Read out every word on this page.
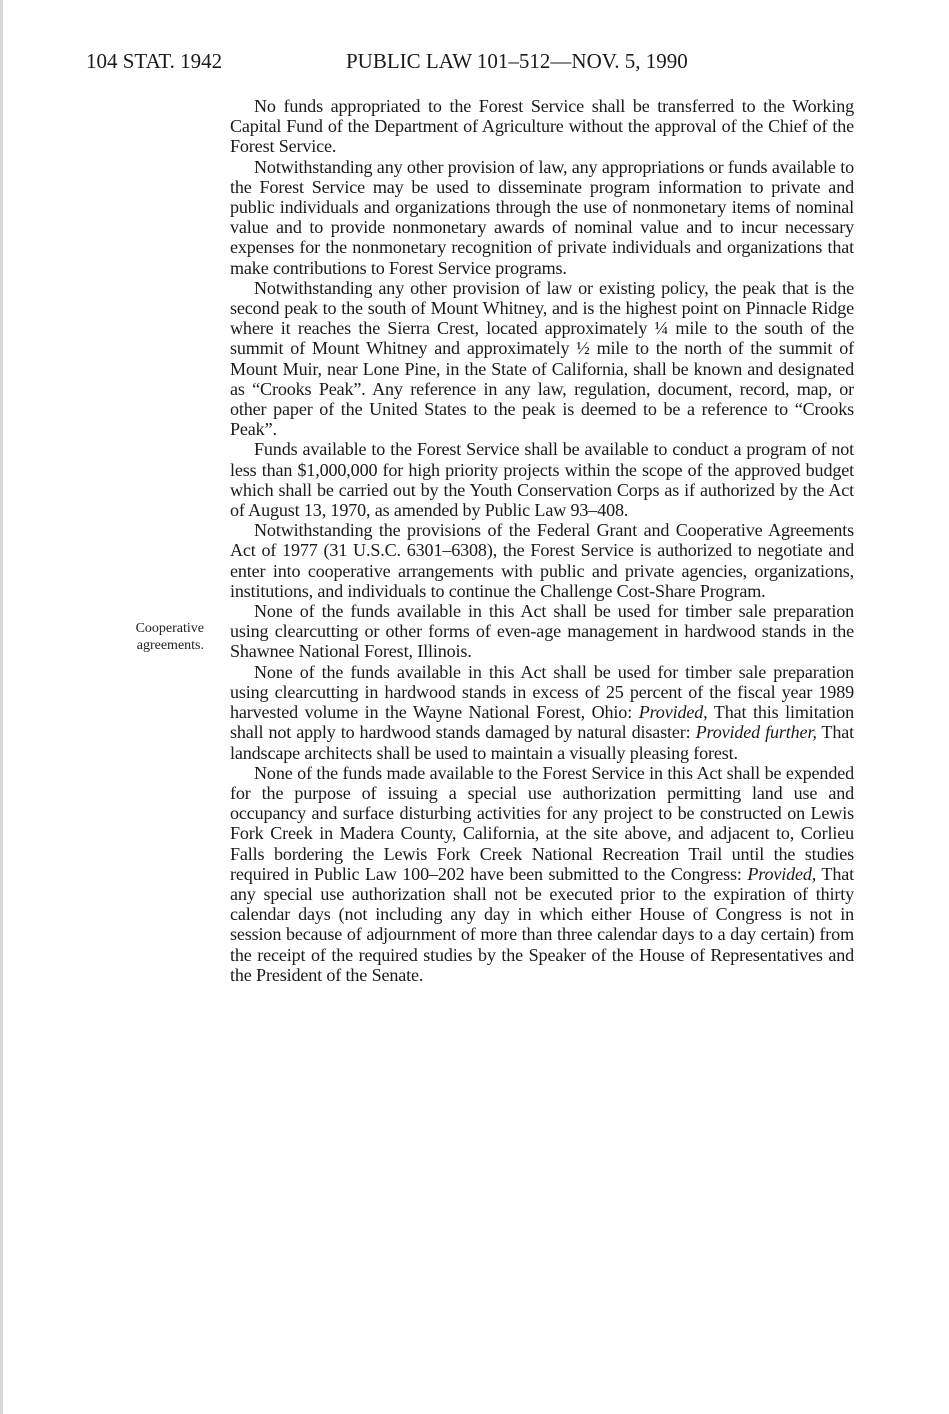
104 STAT. 1942	PUBLIC LAW 101–512—NOV. 5, 1990
Cooperative
agreements.

No funds appropriated to the Forest Service shall be transferred to the Working Capital Fund of the Department of Agriculture without the approval of the Chief of the Forest Service.

Notwithstanding any other provision of law, any appropriations or funds available to the Forest Service may be used to disseminate program information to private and public individuals and organizations through the use of nonmonetary items of nominal value and to provide nonmonetary awards of nominal value and to incur necessary expenses for the nonmonetary recognition of private individuals and organizations that make contributions to Forest Service programs.

Notwithstanding any other provision of law or existing policy, the peak that is the second peak to the south of Mount Whitney, and is the highest point on Pinnacle Ridge where it reaches the Sierra Crest, located approximately ¼ mile to the south of the summit of Mount Whitney and approximately ½ mile to the north of the summit of Mount Muir, near Lone Pine, in the State of California, shall be known and designated as “Crooks Peak”. Any reference in any law, regulation, document, record, map, or other paper of the United States to the peak is deemed to be a reference to “Crooks Peak”.

Funds available to the Forest Service shall be available to conduct a program of not less than $1,000,000 for high priority projects within the scope of the approved budget which shall be carried out by the Youth Conservation Corps as if authorized by the Act of August 13, 1970, as amended by Public Law 93–408.

Notwithstanding the provisions of the Federal Grant and Cooperative Agreements Act of 1977 (31 U.S.C. 6301–6308), the Forest Service is authorized to negotiate and enter into cooperative arrangements with public and private agencies, organizations, institutions, and individuals to continue the Challenge Cost-Share Program.

None of the funds available in this Act shall be used for timber sale preparation using clearcutting or other forms of even-age management in hardwood stands in the Shawnee National Forest, Illinois.

None of the funds available in this Act shall be used for timber sale preparation using clearcutting in hardwood stands in excess of 25 percent of the fiscal year 1989 harvested volume in the Wayne National Forest, Ohio: Provided, That this limitation shall not apply to hardwood stands damaged by natural disaster: Provided further, That landscape architects shall be used to maintain a visually pleasing forest.

None of the funds made available to the Forest Service in this Act shall be expended for the purpose of issuing a special use authorization permitting land use and occupancy and surface disturbing activities for any project to be constructed on Lewis Fork Creek in Madera County, California, at the site above, and adjacent to, Corlieu Falls bordering the Lewis Fork Creek National Recreation Trail until the studies required in Public Law 100–202 have been submitted to the Congress: Provided, That any special use authorization shall not be executed prior to the expiration of thirty calendar days (not including any day in which either House of Congress is not in session because of adjournment of more than three calendar days to a day certain) from the receipt of the required studies by the Speaker of the House of Representatives and the President of the Senate.
